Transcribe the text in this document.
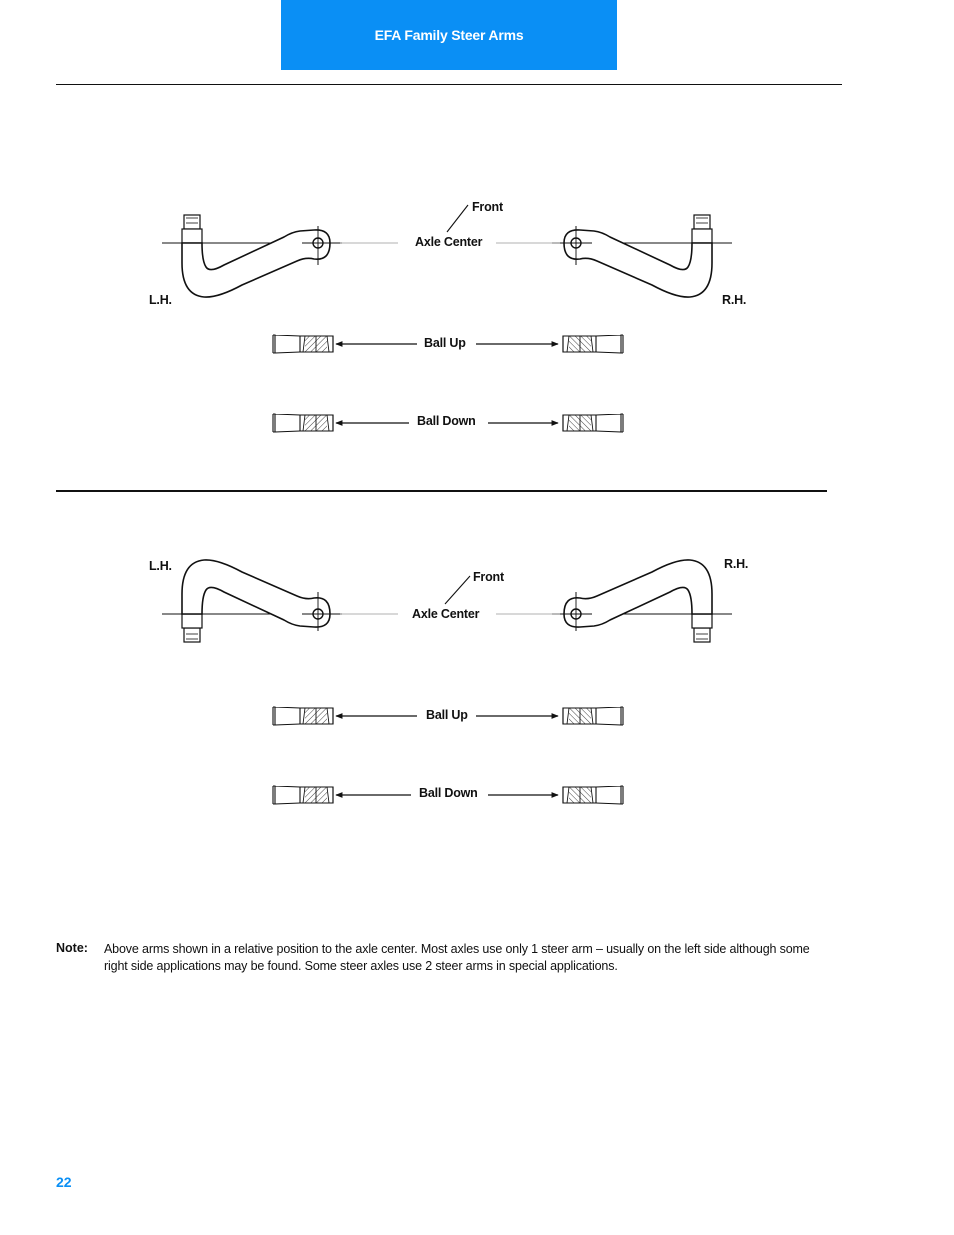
EFA Family Steer Arms
Front
Axle Center
L.H.	R.H.
Ball Up
Ball Down
L.H.	R.H.
Front
Axle Center
Ball Up
Ball Down
Note: Above arms shown in a relative position to the axle center. Most axles use only 1 steer arm – usually on the left side although some right side applications may be found. Some steer axles use 2 steer arms in special applications.
22
